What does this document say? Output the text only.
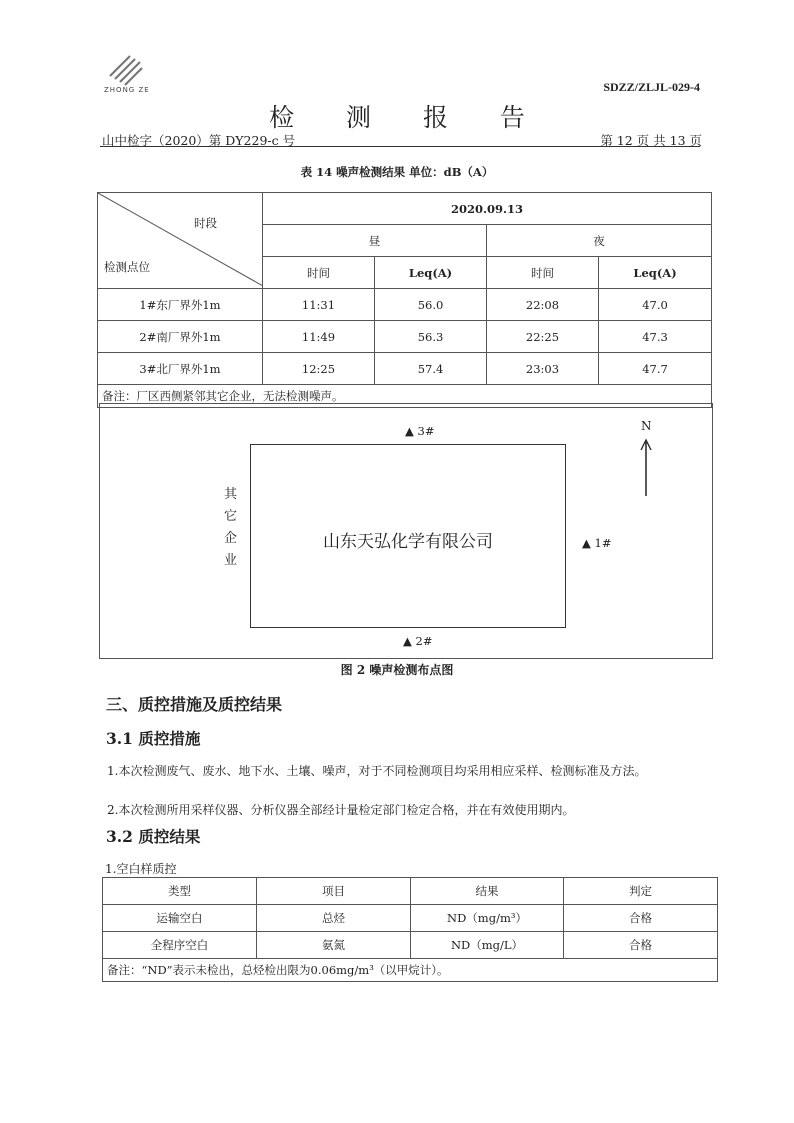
ZHONG ZE	SDZZ/ZLJL-029-4
检 测 报 告
山中检字（2020）第 DY229-c 号	第 12 页 共 13 页
表 14 噪声检测结果 单位：dB（A）
时段
检测点位	2020.09.13			
	昼		夜	
	时间	Leq(A)	时间	Leq(A)
1#东厂界外1m	11:31	56.0	22:08	47.0
2#南厂界外1m	11:49	56.3	22:25	47.3
3#北厂界外1m	12:25	57.4	23:03	47.7
备注：厂区西侧紧邻其它企业，无法检测噪声。				
山东天弘化学有限公司
其
它
企
业
▲ 3#
▲ 1#
▲ 2#
N
图 2 噪声检测布点图
三、质控措施及质控结果
3.1 质控措施
1.本次检测废气、废水、地下水、土壤、噪声，对于不同检测项目均采用相应采样、检测标准及方法。
2.本次检测所用采样仪器、分析仪器全部经计量检定部门检定合格，并在有效使用期内。
3.2 质控结果
1.空白样质控
类型	项目	结果	判定
运输空白	总烃	ND（mg/m³）	合格
全程序空白	氨氮	ND（mg/L）	合格
备注：“ND”表示未检出，总烃检出限为0.06mg/m³（以甲烷计）。			
